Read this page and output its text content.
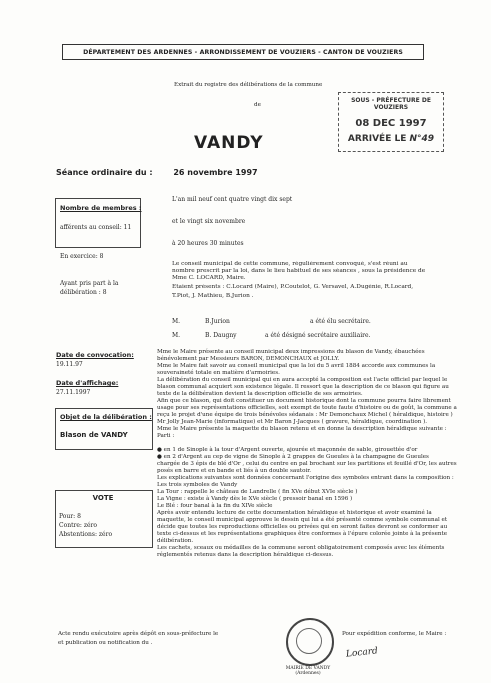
DÉPARTEMENT DES ARDENNES - ARRONDISSEMENT DE VOUZIERS - CANTON DE VOUZIERS
Extrait du registre des délibérations de la commune
de
SOUS - PRÉFECTURE DE VOUZIERS
08 DEC 1997
ARRIVÉE LE N°49
VANDY
Séance ordinaire du :	26 novembre 1997
L'an mil neuf cent quatre vingt dix sept
et le vingt six novembre
à 20 heures 30 minutes
Nombre de membres :
afférents au conseil: 11
En exercice: 8
Ayant pris part à la
délibération : 8
Le conseil municipal de cette commune, régulièrement convoqué, s'est réuni au
nombre prescrit par la loi, dans le lieu habituel de ses séances , sous la présidence de
Mme C. LOCARD, Maire.
Etaient présents : C.Locard (Maire), P.Coutelot, G. Versavel, A.Dugénie, R.Locard,
T.Piot, J. Mathieu, B.Jurion .
M.	B.Jurion	a été élu secrétaire.
M.	B. Daugny	a été désigné secrétaire auxiliaire.
Date de convocation:
19.11.97
Date d'affichage:
27.11.1997
Objet de la délibération :
Blason de VANDY
VOTE
Pour: 8
Contre: zéro
Abstentions: zéro
Mme le Maire présente au conseil municipal deux impressions du blason de Vandy, ébauchées
bénévolement par Messieurs BARON, DEMONCHAUX et JOLLY.
Mme le Maire fait savoir au conseil municipal que la loi du 5 avril 1884 accorde aux communes la
souveraineté totale en matière d'armoiries.
La délibération du conseil municipal qui en aura accepté la composition est l'acte officiel par lequel le
blason communal acquiert son existence légale. Il ressort que la description de ce blason qui figure au
texte de la délibération devient la description officielle de ses armoiries.
Afin que ce blason, qui doit constituer un document historique dont la commune pourra faire librement
usage pour ses représentations officielles, soit exempt de toute faute d'histoire ou de goût, la commune a
reçu le projet d'une équipe de trois bénévoles sédanais : Mr Demonchaux Michel ( héraldique, histoire )
Mr Jolly Jean-Marie (informatique) et Mr Baron J-Jacques ( gravure, héraldique, coordination ).
Mme le Maire présente la maquette du blason retenu et en donne la description héraldique suivante :
Parti :

● en 1 de Sinople à la tour d'Argent ouverte, ajourée et maçonnée de sable, girouettée d'or
● en 2 d'Argent au cep de vigne de Sinople à 2 grappes de Gueules à la champagne de Gueules
chargée de 3 épis de blé d'Or , celui du centre en pal brochant sur les partitions et feuillé d'Or, les autres
posés en barre et en bande et liés à un double sautoir.
Les explications suivantes sont données concernant l'origine des symboles entrant dans la composition :
Les trois symboles de Vandy
La Tour : rappelle le château de Landrelle ( fin XVe début XVIe siècle )
La Vigne : existe à Vandy dès le XVe siècle ( pressoir banal en 1596 )
Le Blé : four banal à la fin du XIVe siècle
Après avoir entendu lecture de cette documentation héraldique et historique et avoir examiné la
maquette, le conseil municipal approuve le dessin qui lui a été présenté comme symbole communal et
décide que toutes les reproductions officielles ou privées qui en seront faites devront se conformer au
texte ci-dessus et les représentations graphiques être conformes à l'épure colorée jointe à la présente
délibération.
Les cachets, sceaux ou médailles de la commune seront obligatoirement composés avec les éléments
réglementés retenus dans la description héraldique ci-dessus.
Acte rendu exécutoire après dépôt en sous-préfecture le
et publication ou notification du .
Pour expédition conforme, le Maire :
MAIRIE DE VANDY (Ardennes)
Locard
